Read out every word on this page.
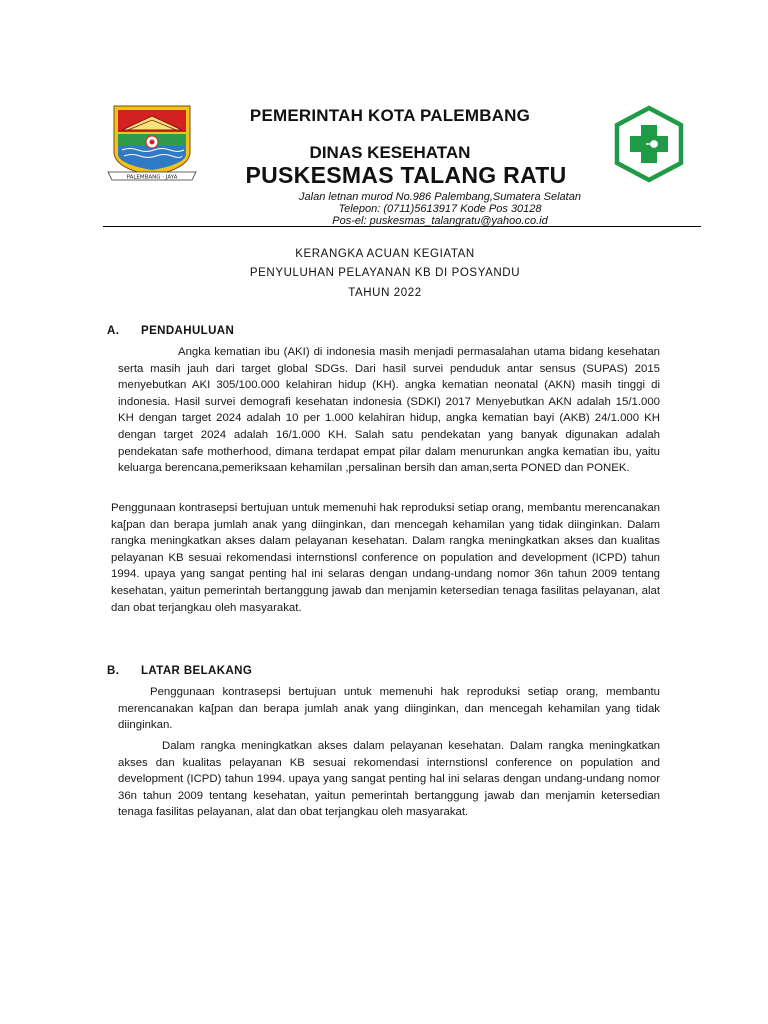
PALEMBANG · JAYA
PEMERINTAH KOTA PALEMBANG
DINAS KESEHATAN
PUSKESMAS TALANG RATU
Jalan letnan murod No.986 Palembang,Sumatera Selatan
Telepon: (0711)5613917 Kode Pos 30128
Pos-el: puskesmas_talangratu@yahoo.co.id
KERANGKA ACUAN KEGIATAN
PENYULUHAN PELAYANAN KB DI POSYANDU
TAHUN 2022
A. PENDAHULUAN

Angka kematian ibu (AKI) di indonesia masih menjadi permasalahan utama bidang kesehatan serta masih jauh dari target global SDGs. Dari hasil survei penduduk antar sensus (SUPAS) 2015 menyebutkan AKI 305/100.000 kelahiran hidup (KH). angka kematian neonatal (AKN) masih tinggi di indonesia. Hasil survei demografi kesehatan indonesia (SDKI) 2017 Menyebutkan AKN adalah 15/1.000 KH dengan target 2024 adalah 10 per 1.000 kelahiran hidup, angka kematian bayi (AKB) 24/1.000 KH dengan target 2024 adalah 16/1.000 KH. Salah satu pendekatan yang banyak digunakan adalah pendekatan safe motherhood, dimana terdapat empat pilar dalam menurunkan angka kematian ibu, yaitu keluarga berencana,pemeriksaan kehamilan ,persalinan bersih dan aman,serta PONED dan PONEK.

Penggunaan kontrasepsi bertujuan untuk memenuhi hak reproduksi setiap orang, membantu merencanakan ka[pan dan berapa jumlah anak yang diinginkan, dan mencegah kehamilan yang tidak diinginkan. Dalam rangka meningkatkan akses dalam pelayanan kesehatan. Dalam rangka meningkatkan akses dan kualitas pelayanan KB sesuai rekomendasi internstionsl conference on population and development (ICPD) tahun 1994. upaya yang sangat penting hal ini selaras dengan undang-undang nomor 36n tahun 2009 tentang kesehatan, yaitun pemerintah bertanggung jawab dan menjamin ketersedian tenaga fasilitas pelayanan, alat dan obat terjangkau oleh masyarakat.

B. LATAR BELAKANG

Penggunaan kontrasepsi bertujuan untuk memenuhi hak reproduksi setiap orang, membantu merencanakan ka[pan dan berapa jumlah anak yang diinginkan, dan mencegah kehamilan yang tidak diinginkan.

Dalam rangka meningkatkan akses dalam pelayanan kesehatan. Dalam rangka meningkatkan akses dan kualitas pelayanan KB sesuai rekomendasi internstionsl conference on population and development (ICPD) tahun 1994. upaya yang sangat penting hal ini selaras dengan undang-undang nomor 36n tahun 2009 tentang kesehatan, yaitun pemerintah bertanggung jawab dan menjamin ketersedian tenaga fasilitas pelayanan, alat dan obat terjangkau oleh masyarakat.
